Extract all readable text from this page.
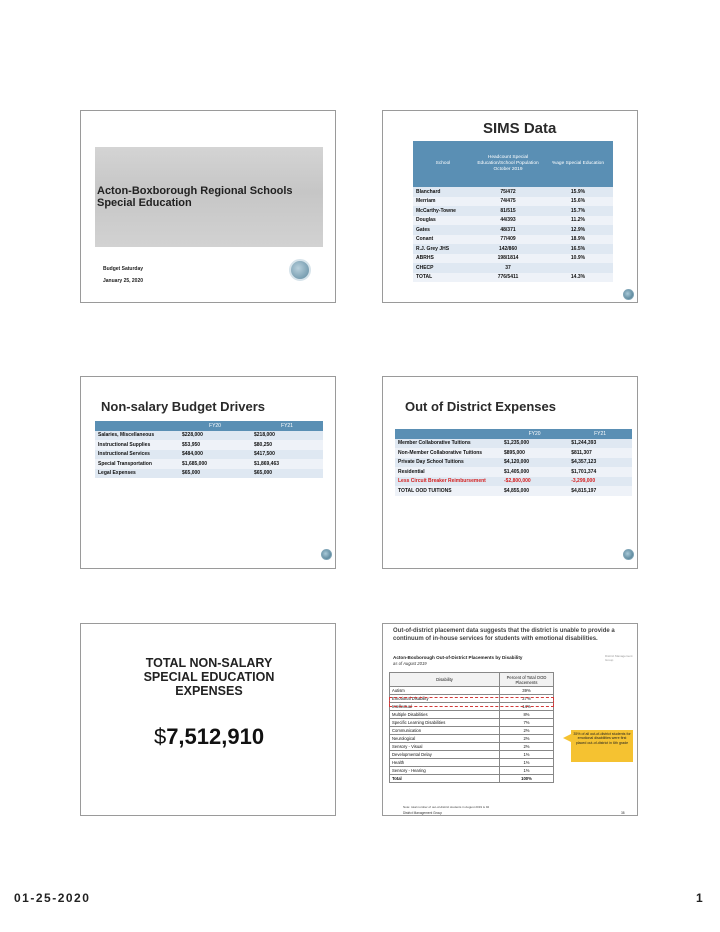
Acton-Boxborough Regional Schools
Special Education
Budget Saturday
January 25, 2020
SIMS Data
School	Headcount Special Education/School Population October 2019	%age Special Education
Blanchard	75/472	15.9%
Merriam	74/475	15.6%
McCarthy-Towne	81/515	15.7%
Douglas	44/393	11.2%
Gates	48/371	12.9%
Conant	77/409	18.9%
R.J. Grey JHS	142/860	16.5%
ABRHS	198/1814	10.9%
CHECP	37	
TOTAL	776/5411	14.3%
Non-salary Budget Drivers
	FY20	FY21
Salaries, Miscellaneous	$228,000	$218,000
Instructional Supplies	$53,950	$80,250
Instructional Services	$484,000	$417,500
Special Transportation	$1,685,000	$1,869,463
Legal Expenses	$65,000	$65,000
Out of District Expenses
	FY20	FY21
Member Collaborative Tuitions	$1,235,000	$1,244,393
Non-Member Collaborative Tuitions	$895,000	$811,307
Private Day School Tuitions	$4,120,000	$4,357,123
Residential	$1,405,000	$1,701,374
Less Circuit Breaker Reimbursement	-$2,800,000	-3,299,000
TOTAL OOD TUITIONS	$4,855,000	$4,815,197
TOTAL NON-SALARY
SPECIAL EDUCATION
EXPENSES
$7,512,910
Out-of-district placement data suggests that the district is unable to provide a continuum of in-house services for students with emotional disabilities.
Acton-Boxborough Out-of-District Placements by Disability
as of August 2019
District Management Group
Disability	Percent of Total OOD Placements
Autism	39%
Emotional Disability	27%
Intellectual	14%
Multiple Disabilities	8%
Specific Learning Disabilities	7%
Communication	2%
Neurological	2%
Sensory - Visual	2%
Developmental Delay	1%
Health	1%
Sensory - Hearing	1%
Total	100%
35% of all out-of-district students for emotional disabilities were first placed out-of-district in 6th grade
Note: total number of out-of-district students in August 2019 is 92
District Management Group	38
01-25-2020	1
